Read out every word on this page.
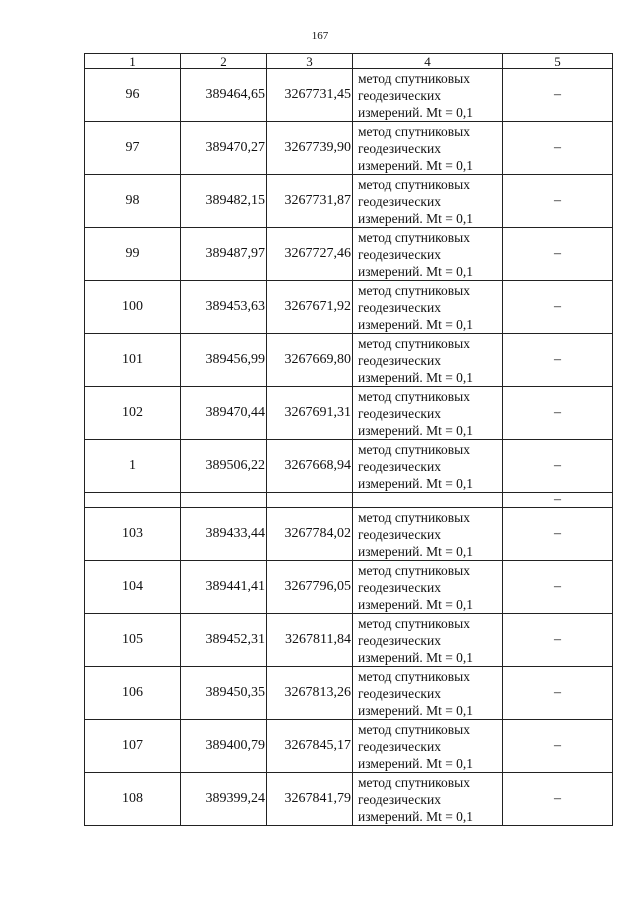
167
1	2	3	4	5
96	389464,65	3267731,45	метод спутниковых
геодезических
измерений. Mt = 0,1	–
97	389470,27	3267739,90	метод спутниковых
геодезических
измерений. Mt = 0,1	–
98	389482,15	3267731,87	метод спутниковых
геодезических
измерений. Mt = 0,1	–
99	389487,97	3267727,46	метод спутниковых
геодезических
измерений. Mt = 0,1	–
100	389453,63	3267671,92	метод спутниковых
геодезических
измерений. Mt = 0,1	–
101	389456,99	3267669,80	метод спутниковых
геодезических
измерений. Mt = 0,1	–
102	389470,44	3267691,31	метод спутниковых
геодезических
измерений. Mt = 0,1	–
1	389506,22	3267668,94	метод спутниковых
геодезических
измерений. Mt = 0,1	–
				–
103	389433,44	3267784,02	метод спутниковых
геодезических
измерений. Mt = 0,1	–
104	389441,41	3267796,05	метод спутниковых
геодезических
измерений. Mt = 0,1	–
105	389452,31	3267811,84	метод спутниковых
геодезических
измерений. Mt = 0,1	–
106	389450,35	3267813,26	метод спутниковых
геодезических
измерений. Mt = 0,1	–
107	389400,79	3267845,17	метод спутниковых
геодезических
измерений. Mt = 0,1	–
108	389399,24	3267841,79	метод спутниковых
геодезических
измерений. Mt = 0,1	–
